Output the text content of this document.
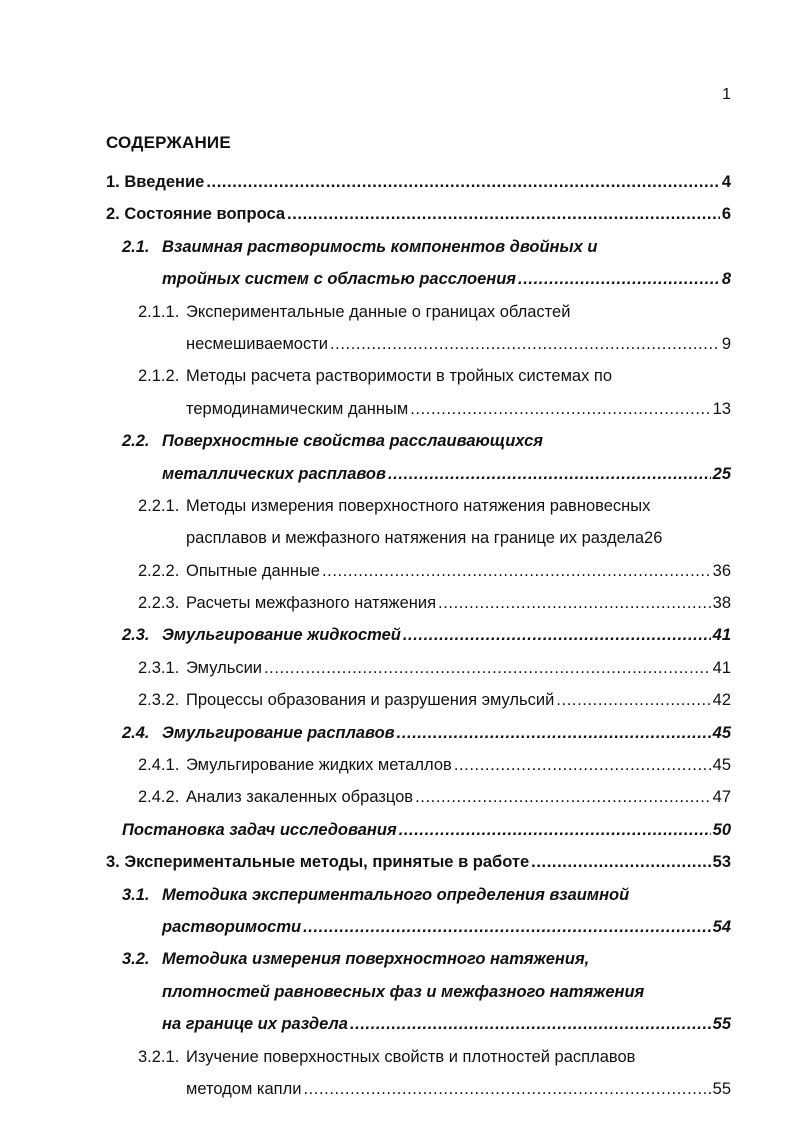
1
СОДЕРЖАНИЕ
1. Введение .....	4
2. Состояние вопроса .....	6
2.1. Взаимная растворимость компонентов двойных и
тройных систем с областью расслоения .....	8
2.1.1. Экспериментальные данные о границах областей
несмешиваемости .....	9
2.1.2. Методы расчета растворимости в тройных системах по
термодинамическим данным .....	13
2.2. Поверхностные свойства расслаивающихся
металлических расплавов .....	25
2.2.1. Методы измерения поверхностного натяжения равновесных
расплавов и межфазного натяжения на границе их раздела 26
2.2.2. Опытные данные .....	36
2.2.3. Расчеты межфазного натяжения .....	38
2.3. Эмульгирование жидкостей .....	41
2.3.1. Эмульсии .....	41
2.3.2. Процессы образования и разрушения эмульсий .....	42
2.4. Эмульгирование расплавов .....	45
2.4.1. Эмульгирование жидких металлов .....	45
2.4.2. Анализ закаленных образцов .....	47
Постановка задач исследования .....	50
3. Экспериментальные методы, принятые в работе .....	53
3.1. Методика экспериментального определения взаимной
растворимости .....	54
3.2. Методика измерения поверхностного натяжения,
плотностей равновесных фаз и межфазного натяжения
на границе их раздела .....	55
3.2.1. Изучение поверхностных свойств и плотностей расплавов
методом капли .....	55
